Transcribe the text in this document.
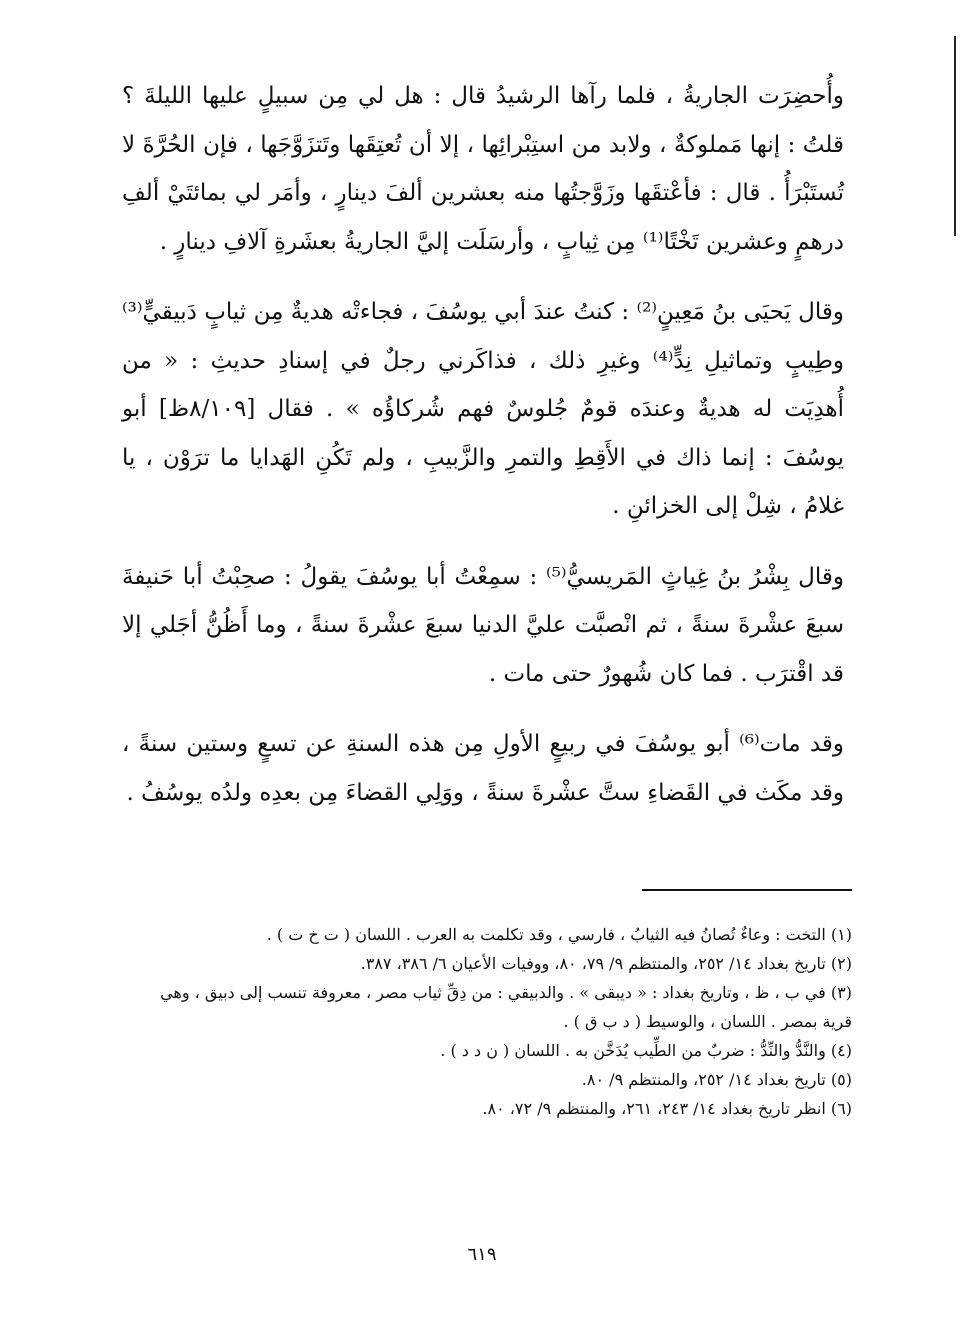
وأُحضِرَت الجاريةُ ، فلما رآها الرشيدُ قال : هل لي مِن سبيلٍ عليها الليلةَ ؟ قلتُ : إنها مَملوكةٌ ، ولابد من استِبْرائِها ، إلا أن تُعتِقَها وتَتزَوَّجَها ، فإن الحُرَّةَ لا تُستَبْرَأُ . قال : فأعْتقَها وزَوَّجتُها منه بعشرين ألفَ دينارٍ ، وأمَر لي بمائتَيْ ألفِ درهمٍ وعشرين تَخْتًا⁽¹⁾ مِن ثِيابٍ ، وأرسَلَت إليَّ الجاريةُ بعشَرةِ آلافِ دينارٍ .

وقال يَحيَى بنُ مَعِينٍ⁽²⁾ : كنتُ عندَ أبي يوسُفَ ، فجاءتْه هديةٌ مِن ثيابٍ دَبيقيٍّ⁽³⁾ وطِيبٍ وتماثيلِ نِدٍّ⁽⁴⁾ وغيرِ ذلك ، فذاكَرني رجلٌ في إسنادِ حديثِ : « من أُهدِيَت له هديةٌ وعندَه قومٌ جُلوسٌ فهم شُركاؤُه » . فقال [٨/١٠٩ظ] أبو يوسُفَ : إنما ذاك في الأَقِطِ والتمرِ والزَّبيبِ ، ولم تَكُنِ الهَدايا ما ترَوْن ، يا غلامُ ، شِلْ إلى الخزائنِ .

وقال بِشْرُ بنُ غِياثٍ المَريسيُّ⁽⁵⁾ : سمِعْتُ أبا يوسُفَ يقولُ : صحِبْتُ أبا حَنيفةَ سبعَ عشْرةَ سنةً ، ثم انْصبَّت عليَّ الدنيا سبعَ عشْرةَ سنةً ، وما أَظُنُّ أجَلي إلا قد اقْترَب . فما كان شُهورٌ حتى مات .

وقد مات⁽⁶⁾ أبو يوسُفَ في ربيعٍ الأولِ مِن هذه السنةِ عن تسعٍ وستين سنةً ، وقد مكَث في القَضاءِ ستَّ عشْرةَ سنةً ، ووَلِي القضاءَ مِن بعدِه ولدُه يوسُفُ .

(١) التخت : وعاءٌ تُصانُ فيه الثيابُ ، فارسي ، وقد تكلمت به العرب . اللسان ( ت خ ت ) .

(٢) تاريخ بغداد ١٤/ ٢٥٢، والمنتظم ٩/ ٧٩، ٨٠، ووفيات الأعيان ٦/ ٣٨٦، ٣٨٧.

(٣) في ب ، ظ ، وتاريخ بغداد : « ديبقى » . والدبيقي : من دِقِّ ثياب مصر ، معروفة تنسب إلى دبيق ، وهي قرية بمصر . اللسان ، والوسيط ( د ب ق ) .

(٤) والنَّدُّ والنِّدُّ : ضربٌ من الطِّيب يُدَخَّن به . اللسان ( ن د د ) .

(٥) تاريخ بغداد ١٤/ ٢٥٢، والمنتظم ٩/ ٨٠.

(٦) انظر تاريخ بغداد ١٤/ ٢٤٣، ٢٦١، والمنتظم ٩/ ٧٢، ٨٠.

٦١٩
